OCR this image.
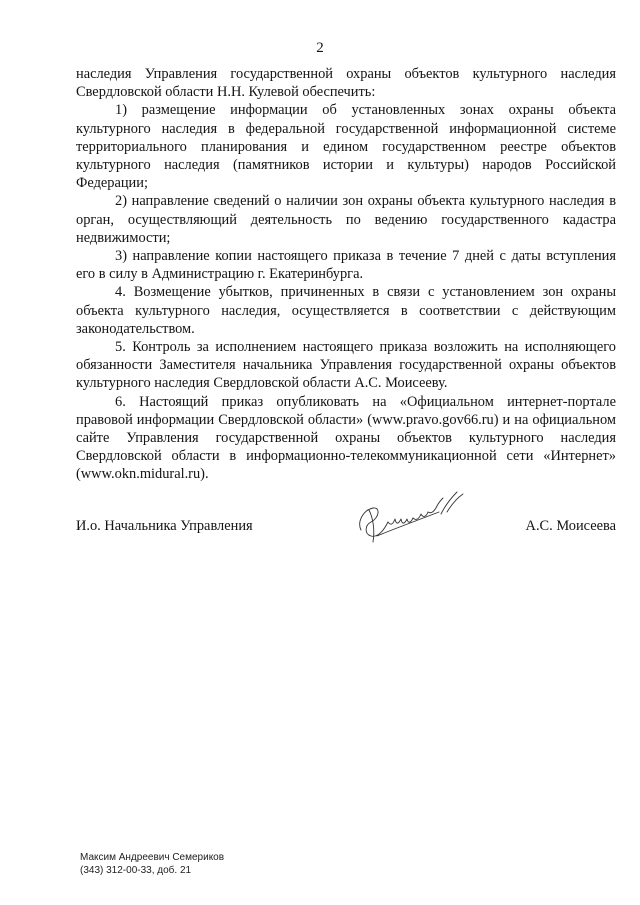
2

наследия Управления государственной охраны объектов культурного наследия Свердловской области Н.Н. Кулевой обеспечить:

1) размещение информации об установленных зонах охраны объекта культурного наследия в федеральной государственной информационной системе территориального планирования и едином государственном реестре объектов культурного наследия (памятников истории и культуры) народов Российской Федерации;

2) направление сведений о наличии зон охраны объекта культурного наследия в орган, осуществляющий деятельность по ведению государственного кадастра недвижимости;

3) направление копии настоящего приказа в течение 7 дней с даты вступления его в силу в Администрацию г. Екатеринбурга.

4. Возмещение убытков, причиненных в связи с установлением зон охраны объекта культурного наследия, осуществляется в соответствии с действующим законодательством.

5. Контроль за исполнением настоящего приказа возложить на исполняющего обязанности Заместителя начальника Управления государственной охраны объектов культурного наследия Свердловской области А.С. Моисееву.

6. Настоящий приказ опубликовать на «Официальном интернет-портале правовой информации Свердловской области» (www.pravo.gov66.ru) и на официальном сайте Управления государственной охраны объектов культурного наследия Свердловской области в информационно-телекоммуникационной сети «Интернет» (www.okn.midural.ru).

И.о. Начальника Управления	А.С. Моисеева
Максим Андреевич Семериков
(343) 312-00-33, доб. 21
